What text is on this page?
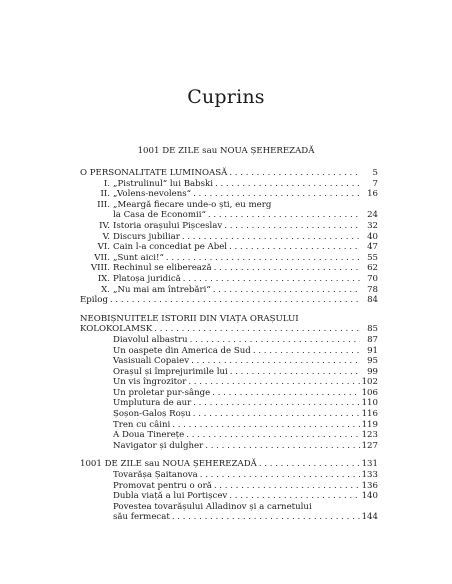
Cuprins
1001 DE ZILE sau NOUA ȘEHEREZADĂ
O PERSONALITATE LUMINOASĂ . . .	5
I. „Pistrulinul“ lui Babski . . .	7
II. „Volens-nevolens“ . . .	16
III. „Meargă fiecare unde-o ști, eu merg
la Casa de Economii“ . . .	24
IV. Istoria orașului Pișceslav . . .	32
V. Discurs jubiliar . . .	40
VI. Cain l-a concediat pe Abel . . .	47
VII. „Sunt aici!“ . . .	55
VIII. Rechinul se eliberează . . .	62
IX. Platoșa juridică . . .	70
X. „Nu mai am întrebări“ . . .	78
Epilog . . .	84
NEOBIȘNUITELE ISTORII DIN VIAȚA ORAȘULUI
KOLOKOLAMSK . . .	85
Diavolul albastru . . .	87
Un oaspete din America de Sud . . .	91
Vasisuali Copaiev . . .	95
Orașul și împrejurimile lui . . .	99
Un vis îngrozitor . . .	102
Un proletar pur-sânge . . .	106
Umplutura de aur . . .	110
Șoșon-Galoș Roșu . . .	116
Tren cu câini . . .	119
A Doua Tinerețe . . .	123
Navigator și dulgher . . .	127
1001 DE ZILE sau NOUA ȘEHEREZADĂ . . .	131
Tovarășa Șaitanova . . .	133
Promovat pentru o oră . . .	136
Dubla viață a lui Portișcev . . .	140
Povestea tovarășului Alladinov și a carnetului
său fermecat . . .	144
